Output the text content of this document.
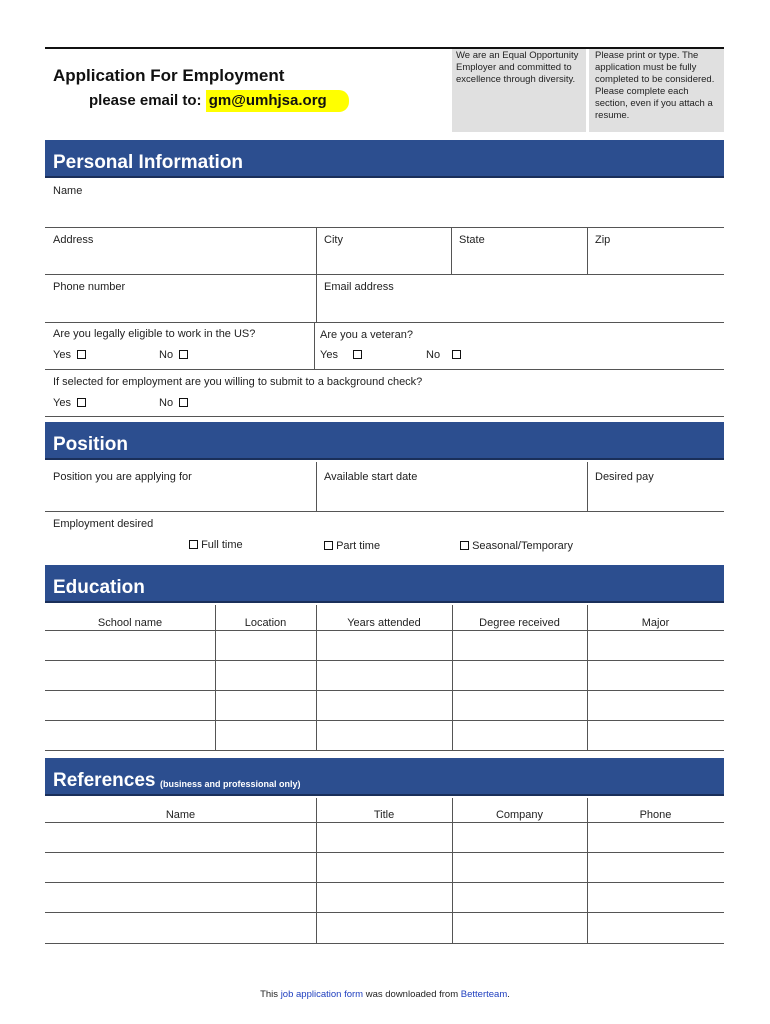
Application For Employment
please email to: gm@umhjsa.org
We are an Equal Opportunity Employer and committed to excellence through diversity.
Please print or type. The application must be fully completed to be considered. Please complete each section, even if you attach a resume.
Personal Information
Name
Address	City	State	Zip
Phone number	Email address
Are you legally eligible to work in the US?	Are you a veteran?
Yes	No	Yes	No
If selected for employment are you willing to submit to a background check?
Yes	No
Position
Position you are applying for	Available start date	Desired pay
Employment desired
Full time	Part time	Seasonal/Temporary
Education
School name	Location	Years attended	Degree received	Major
References (business and professional only)
Name	Title	Company	Phone
This job application form was downloaded from Betterteam.
